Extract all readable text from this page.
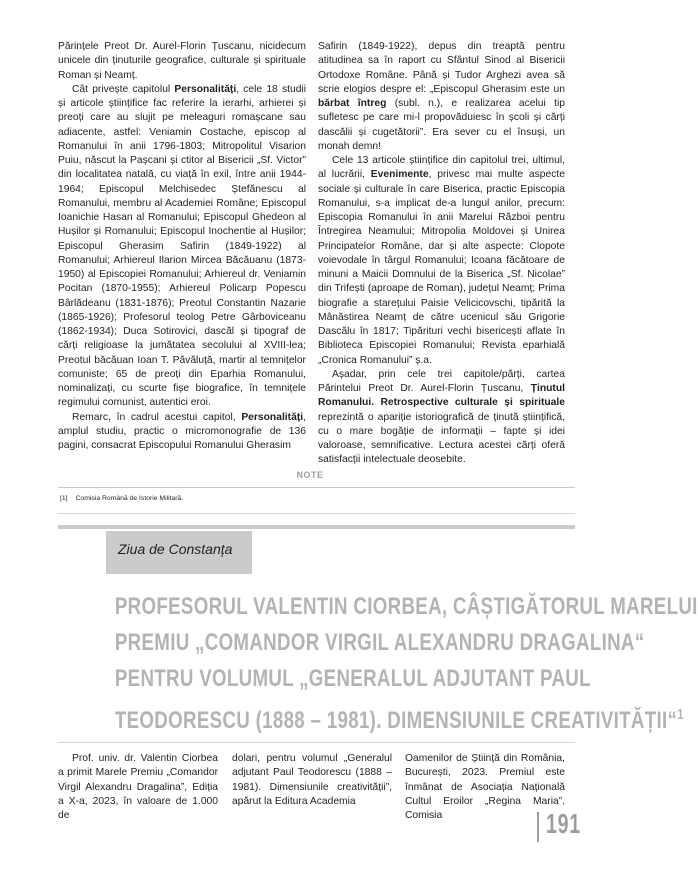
Părințele Preot Dr. Aurel-Florin Țuscanu, nicidecum unicele din ținuturile geografice, culturale și spirituale Roman și Neamț.

Cât privește capitolul Personalități, cele 18 studii și articole științifice fac referire la ierarhi, arhierei și preoți care au slujit pe meleaguri romașcane sau adiacente, astfel: Veniamin Costache, episcop al Romanului în anii 1796-1803; Mitropolitul Visarion Puiu, născut la Pașcani și ctitor al Bisericii „Sf. Victor” din localitatea natală, cu viață în exil, între anii 1944-1964; Episcopul Melchisedec Ștefănescu al Romanului, membru al Academiei Române; Episcopul Ioanichie Hasan al Romanului; Episcopul Ghedeon al Hușilor și Romanului; Episcopul Inochentie al Hușilor; Episcopul Gherasim Safirin (1849-1922) al Romanului; Arhiereul Ilarion Mircea Băcăuanu (1873-1950) al Episcopiei Romanului; Arhiereul dr. Veniamin Pocitan (1870-1955); Arhiereul Policarp Popescu Bârlădeanu (1831-1876); Preotul Constantin Nazarie (1865-1926); Profesorul teolog Petre Gârboviceanu (1862-1934); Duca Sotirovici, dascăl și tipograf de cărți religioase la jumătatea secolului al XVIII-lea; Preotul băcăuan Ioan T. Păvăluță, martir al temnițelor comuniste; 65 de preoți din Eparhia Romanului, nominalizați, cu scurte fișe biografice, în temnițele regimului comunist, autentici eroi.

Remarc, în cadrul acestui capitol, Personalități, amplul studiu, practic o micromonografie de 136 pagini, consacrat Episcopului Romanului Gherasim

Safirin (1849-1922), depus din treaptă pentru atitudinea sa în raport cu Sfântul Sinod al Bisericii Ortodoxe Române. Până și Tudor Arghezi avea să scrie elogios despre el: „Episcopul Gherasim este un bărbat întreg (subl. n.), e realizarea acelui tip sufletesc pe care mi-l propovăduiesc în școli și cărți dascălii și cugetătorii”. Era sever cu el însuși, un monah demn!

Cele 13 articole științifice din capitolul trei, ultimul, al lucrării, Evenimente, privesc mai multe aspecte sociale și culturale în care Biserica, practic Episcopia Romanului, s-a implicat de-a lungul anilor, precum: Episcopia Romanului în anii Marelui Război pentru Întregirea Neamului; Mitropolia Moldovei și Unirea Principatelor Române, dar și alte aspecte: Clopote voievodale în târgul Romanului; Icoana făcătoare de minuni a Maicii Domnului de la Biserica „Sf. Nicolae” din Trifești (aproape de Roman), județul Neamț; Prima biografie a starețului Paisie Velicicovschi, tipărită la Mânăstirea Neamț de către ucenicul său Grigorie Dascălu în 1817; Tipărituri vechi bisericești aflate în Biblioteca Episcopiei Romanului; Revista eparhială „Cronica Romanului” ș.a.

Așadar, prin cele trei capitole/părți, cartea Părintelui Preot Dr. Aurel-Florin Țuscanu, Ținutul Romanului. Retrospective culturale și spirituale reprezintă o apariție istoriografică de ținută științifică, cu o mare bogăție de informații – fapte și idei valoroase, semnificative. Lectura acestei cărți oferă satisfacții intelectuale deosebite.

NOTE
[1] Comisia Română de Istorie Militară.
Ziua de Constanța
PROFESORUL VALENTIN CIORBEA, CÂȘTIGĂTORUL MARELUI
PREMIU „COMANDOR VIRGIL ALEXANDRU DRAGALINA“
PENTRU VOLUMUL „GENERALUL ADJUTANT PAUL
TEODORESCU (1888 – 1981). DIMENSIUNILE CREATIVITĂȚII“$^1$

Prof. univ. dr. Valentin Ciorbea a primit Marele Premiu „Comandor Virgil Alexandru Dragalina”, Ediția a X-a, 2023, în valoare de 1.000 de

dolari, pentru volumul „Generalul adjutant Paul Teodorescu (1888 – 1981). Dimensiunile creativității”, apărut la Editura Academia

Oamenilor de Știință din România, București, 2023. Premiul este înmânat de Asociația Națională Cultul Eroilor „Regina Maria”. Comisia	191
